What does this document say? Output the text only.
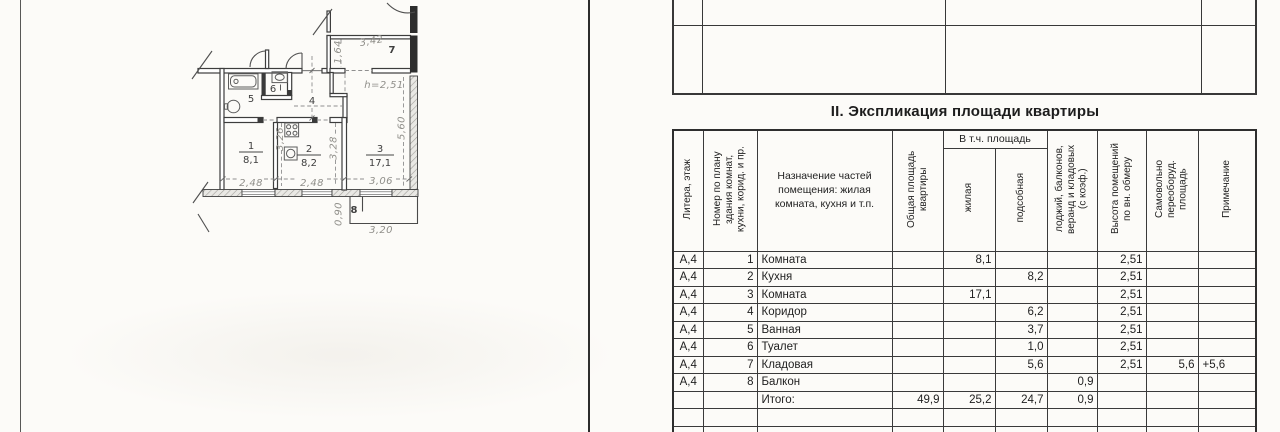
1
8,1
2
8,2
3
17,1
4
5
6
7
8
3,42
1,64
h=2,51
5,60
3,26	3,28
2,48	2,48	3,06
0,90
3,20
II. Экспликация площади квартиры
Литера, этаж	Номер по плану здания комнат, кухни, корид. и пр.	Назначение частей помещения: жилая комната, кухня и т.п.	Общая площадь квартиры	В т.ч. площадь		лоджий, балконов, веранд и кладовых (с коэф.)	Высота помещений по вн. обмеру	Самовольно переоборуд. площадь	Примечание
				жилая	подсобная				
А,4	1	Комната		8,1			2,51		
А,4	2	Кухня			8,2		2,51		
А,4	3	Комната		17,1			2,51		
А,4	4	Коридор			6,2		2,51		
А,4	5	Ванная			3,7		2,51		
А,4	6	Туалет			1,0		2,51		
А,4	7	Кладовая			5,6		2,51	5,6	+5,6
А,4	8	Балкон				0,9			
		Итого:	49,9	25,2	24,7	0,9			
